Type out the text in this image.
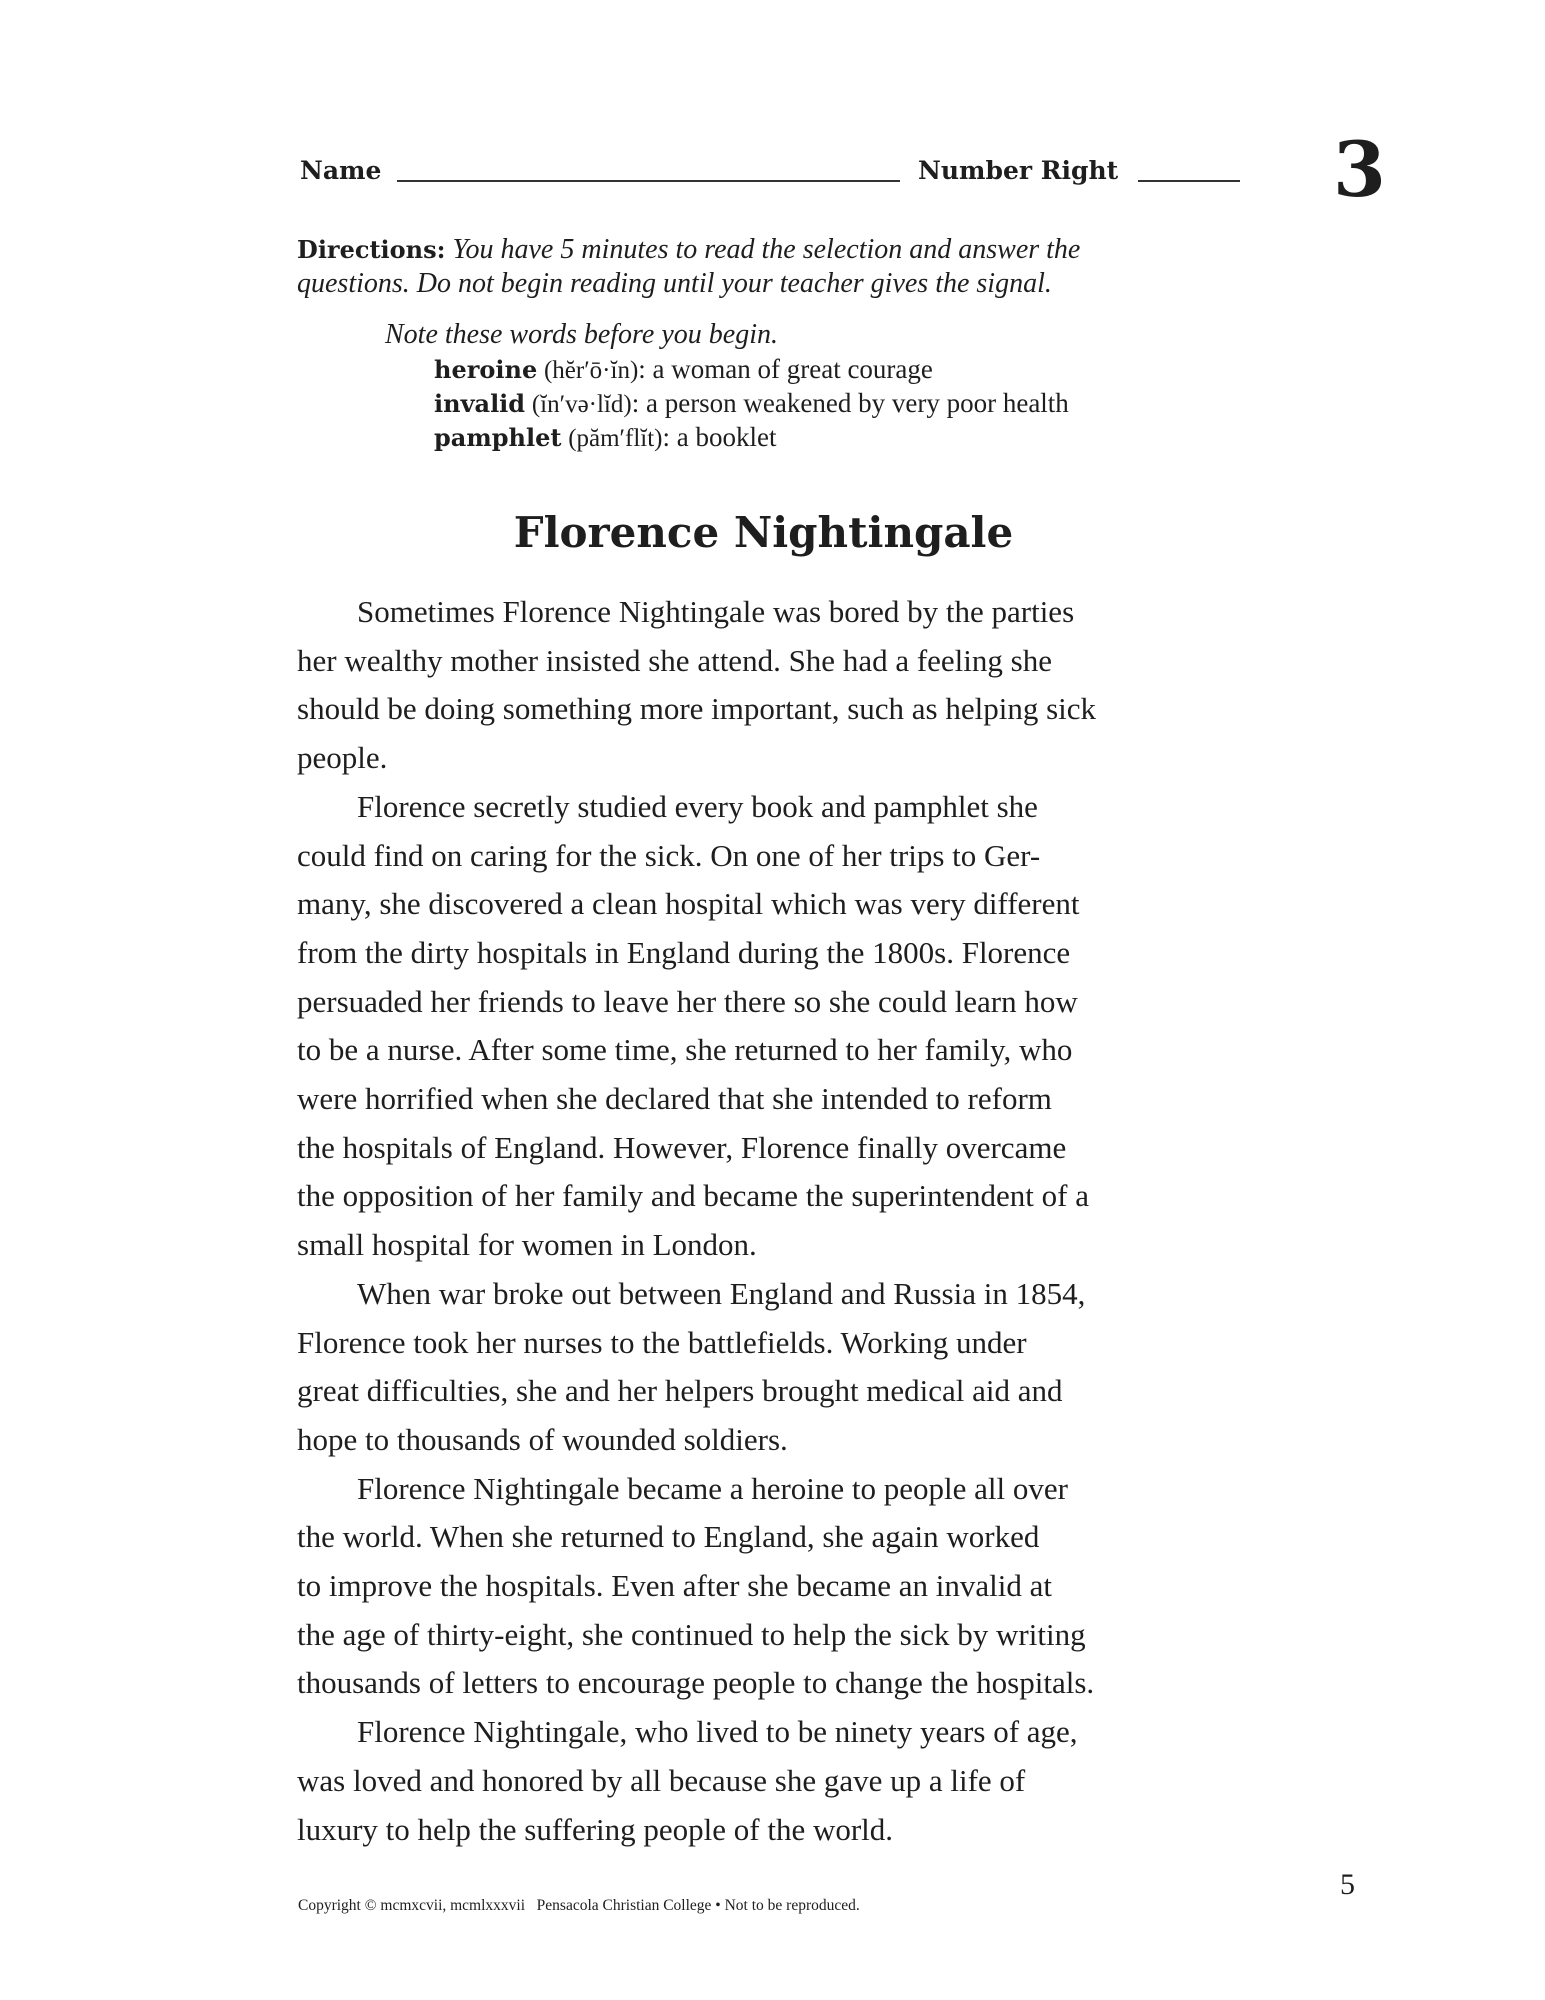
Name	Number Right	3
Directions: You have 5 minutes to read the selection and answer the
questions. Do not begin reading until your teacher gives the signal.
Note these words before you begin.
heroine (hĕr′ō·ĭn): a woman of great courage
invalid (ĭn′və·lĭd): a person weakened by very poor health
pamphlet (păm′flĭt): a booklet
Florence Nightingale

Sometimes Florence Nightingale was bored by the parties
her wealthy mother insisted she attend. She had a feeling she
should be doing something more important, such as helping sick
people.

Florence secretly studied every book and pamphlet she
could find on caring for the sick. On one of her trips to Ger-
many, she discovered a clean hospital which was very different
from the dirty hospitals in England during the 1800s. Florence
persuaded her friends to leave her there so she could learn how
to be a nurse. After some time, she returned to her family, who
were horrified when she declared that she intended to reform
the hospitals of England. However, Florence finally overcame
the opposition of her family and became the superintendent of a
small hospital for women in London.

When war broke out between England and Russia in 1854,
Florence took her nurses to the battlefields. Working under
great difficulties, she and her helpers brought medical aid and
hope to thousands of wounded soldiers.

Florence Nightingale became a heroine to people all over
the world. When she returned to England, she again worked
to improve the hospitals. Even after she became an invalid at
the age of thirty-eight, she continued to help the sick by writing
thousands of letters to encourage people to change the hospitals.

Florence Nightingale, who lived to be ninety years of age,
was loved and honored by all because she gave up a life of
luxury to help the suffering people of the world.

5
Copyright © mcmxcvii, mcmlxxxvii   Pensacola Christian College • Not to be reproduced.
